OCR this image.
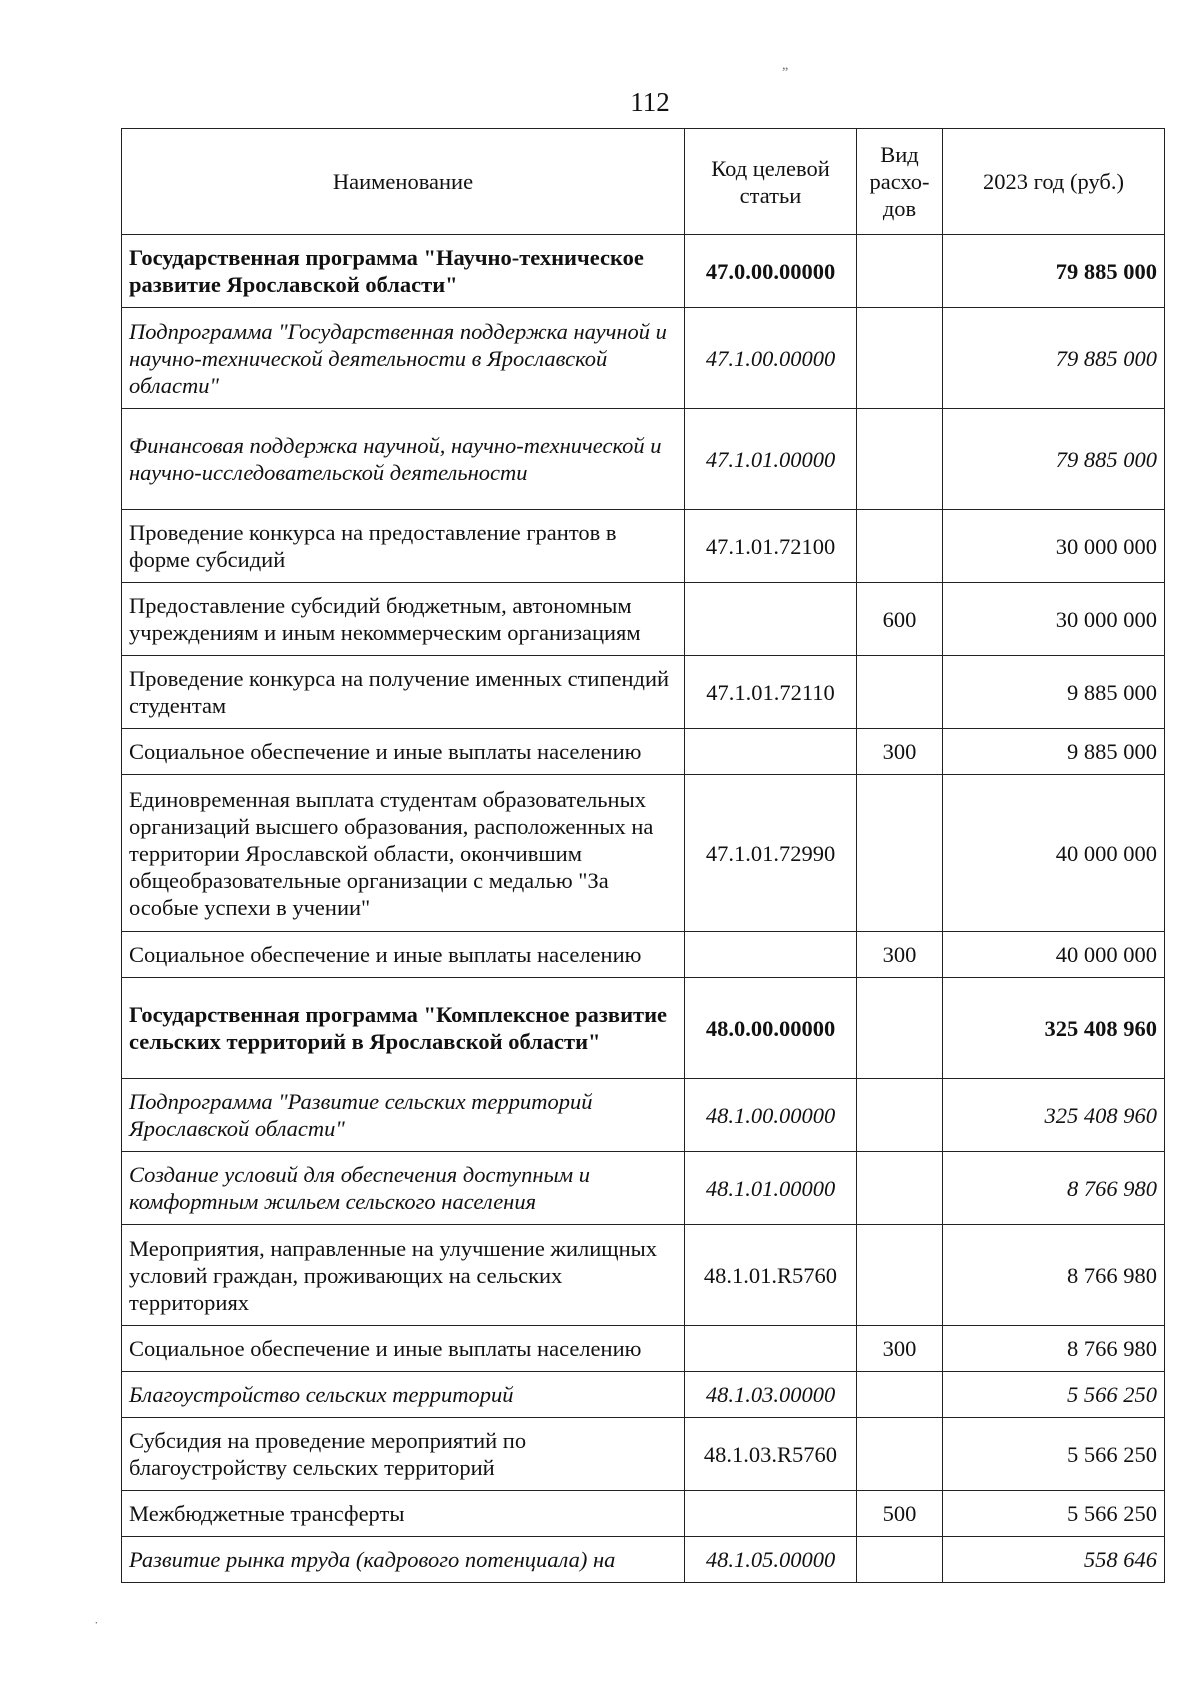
112
Наименование	Код целевой статьи	Вид расхо-дов	2023 год (руб.)
Государственная программа "Научно-техническое развитие Ярославской области"	47.0.00.00000		79 885 000
Подпрограмма "Государственная поддержка научной и научно-технической деятельности в Ярославской области"	47.1.00.00000		79 885 000
Финансовая поддержка научной, научно-технической и научно-исследовательской деятельности	47.1.01.00000		79 885 000
Проведение конкурса на предоставление грантов в форме субсидий	47.1.01.72100		30 000 000
Предоставление субсидий бюджетным, автономным учреждениям и иным некоммерческим организациям		600	30 000 000
Проведение конкурса на получение именных стипендий студентам	47.1.01.72110		9 885 000
Социальное обеспечение и иные выплаты населению		300	9 885 000
Единовременная выплата студентам образовательных организаций высшего образования, расположенных на территории Ярославской области, окончившим общеобразовательные организации с медалью "За особые успехи в учении"	47.1.01.72990		40 000 000
Социальное обеспечение и иные выплаты населению		300	40 000 000
Государственная программа "Комплексное развитие сельских территорий в Ярославской области"	48.0.00.00000		325 408 960
Подпрограмма "Развитие сельских территорий Ярославской области"	48.1.00.00000		325 408 960
Создание условий для обеспечения доступным и комфортным жильем сельского населения	48.1.01.00000		8 766 980
Мероприятия, направленные на улучшение жилищных условий граждан, проживающих на сельских территориях	48.1.01.R5760		8 766 980
Социальное обеспечение и иные выплаты населению		300	8 766 980
Благоустройство сельских территорий	48.1.03.00000		5 566 250
Субсидия на проведение мероприятий по благоустройству сельских территорий	48.1.03.R5760		5 566 250
Межбюджетные трансферты		500	5 566 250
Развитие рынка труда (кадрового потенциала) на	48.1.05.00000		558 646
„
˙
